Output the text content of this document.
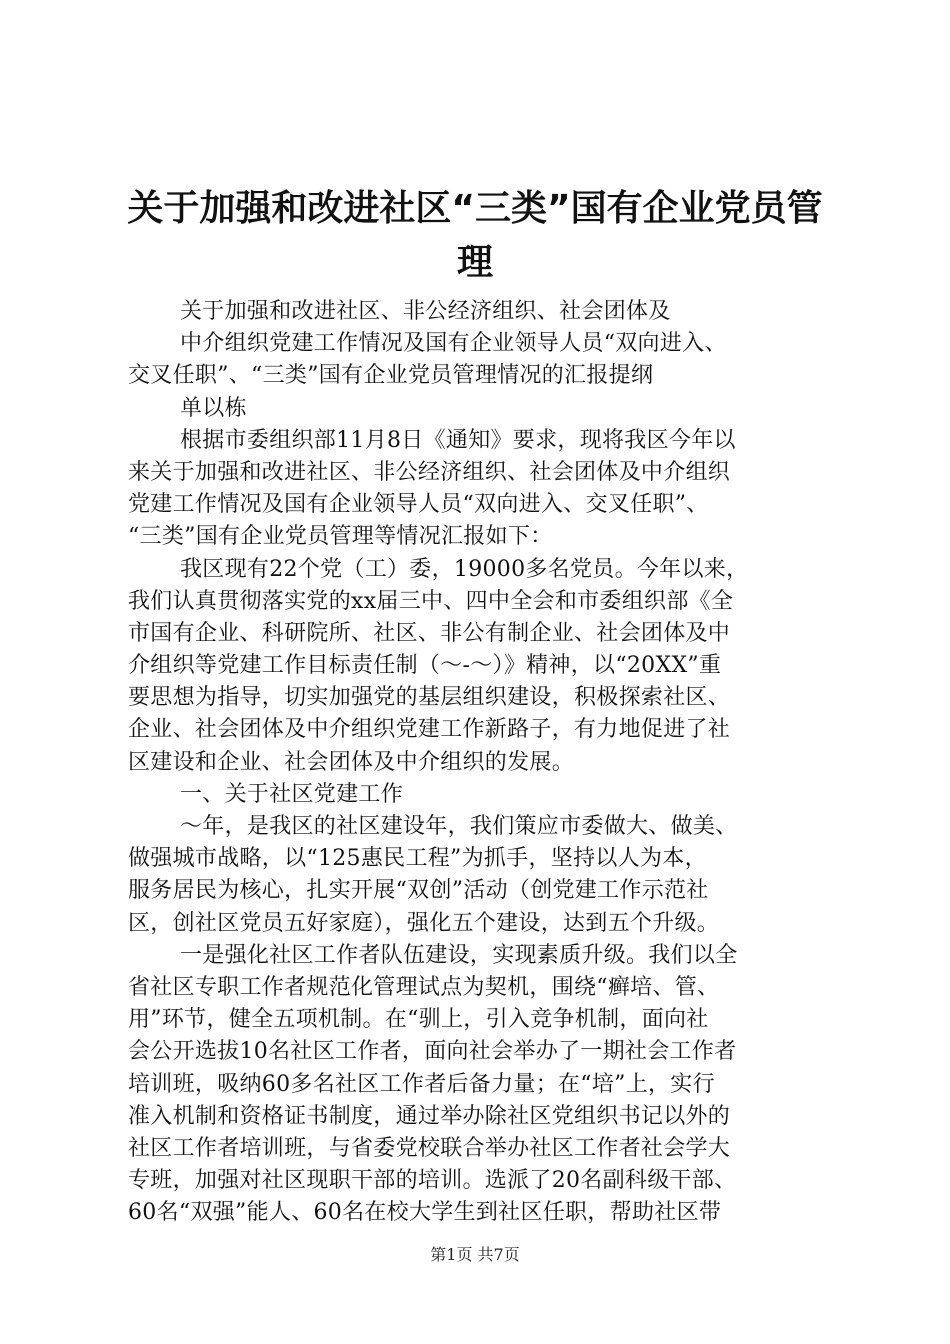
关于加强和改进社区“三类”国有企业党员管
理
关于加强和改进社区、非公经济组织、社会团体及
中介组织党建工作情况及国有企业领导人员“双向进入、
交叉任职”、“三类”国有企业党员管理情况的汇报提纲
单以栋
根据市委组织部11月8日《通知》要求，现将我区今年以
来关于加强和改进社区、非公经济组织、社会团体及中介组织
党建工作情况及国有企业领导人员“双向进入、交叉任职”、
“三类”国有企业党员管理等情况汇报如下：
我区现有22个党（工）委，19000多名党员。今年以来，
我们认真贯彻落实党的xx届三中、四中全会和市委组织部《全
市国有企业、科研院所、社区、非公有制企业、社会团体及中
介组织等党建工作目标责任制（～-～）》精神，以“20XX”重
要思想为指导，切实加强党的基层组织建设，积极探索社区、
企业、社会团体及中介组织党建工作新路子，有力地促进了社
区建设和企业、社会团体及中介组织的发展。
一、关于社区党建工作
～年，是我区的社区建设年，我们策应市委做大、做美、
做强城市战略，以“125惠民工程”为抓手，坚持以人为本，
服务居民为核心，扎实开展“双创”活动（创党建工作示范社
区，创社区党员五好家庭），强化五个建设，达到五个升级。
一是强化社区工作者队伍建设，实现素质升级。我们以全
省社区专职工作者规范化管理试点为契机，围绕“癣培、管、
用”环节，健全五项机制。在“驯上，引入竞争机制，面向社
会公开选拔10名社区工作者，面向社会举办了一期社会工作者
培训班，吸纳60多名社区工作者后备力量；在“培”上，实行
准入机制和资格证书制度，通过举办除社区党组织书记以外的
社区工作者培训班，与省委党校联合举办社区工作者社会学大
专班，加强对社区现职干部的培训。选派了20名副科级干部、
60名“双强”能人、60名在校大学生到社区任职，帮助社区带
第1页 共7页
